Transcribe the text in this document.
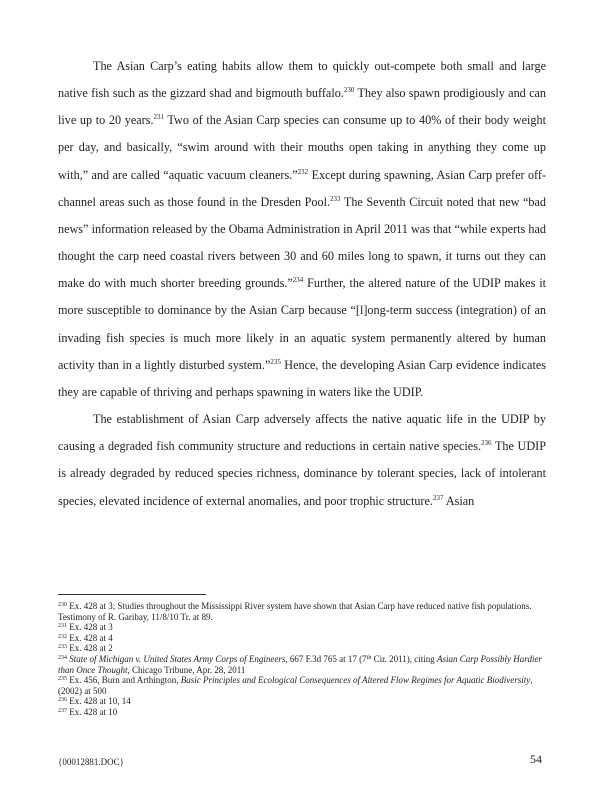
The Asian Carp’s eating habits allow them to quickly out-compete both small and large native fish such as the gizzard shad and bigmouth buffalo.$^{230}$ They also spawn prodigiously and can live up to 20 years.$^{231}$ Two of the Asian Carp species can consume up to 40% of their body weight per day, and basically, “swim around with their mouths open taking in anything they come up with,” and are called “aquatic vacuum cleaners.”$^{232}$ Except during spawning, Asian Carp prefer off-channel areas such as those found in the Dresden Pool.$^{233}$ The Seventh Circuit noted that new “bad news” information released by the Obama Administration in April 2011 was that “while experts had thought the carp need coastal rivers between 30 and 60 miles long to spawn, it turns out they can make do with much shorter breeding grounds.”$^{234}$ Further, the altered nature of the UDIP makes it more susceptible to dominance by the Asian Carp because “[l]ong-term success (integration) of an invading fish species is much more likely in an aquatic system permanently altered by human activity than in a lightly disturbed system.”$^{235}$ Hence, the developing Asian Carp evidence indicates they are capable of thriving and perhaps spawning in waters like the UDIP.

The establishment of Asian Carp adversely affects the native aquatic life in the UDIP by causing a degraded fish community structure and reductions in certain native species.$^{236}$ The UDIP is already degraded by reduced species richness, dominance by tolerant species, lack of intolerant species, elevated incidence of external anomalies, and poor trophic structure.$^{237}$ Asian

$^{230}$ Ex. 428 at 3; Studies throughout the Mississippi River system have shown that Asian Carp have reduced native fish populations. Testimony of R. Garibay, 11/8/10 Tr. at 89.

$^{231}$ Ex. 428 at 3

$^{232}$ Ex. 428 at 4

$^{233}$ Ex. 428 at 2

$^{234}$ State of Michigan v. United States Army Corps of Engineers, 667 F.3d 765 at 17 (7th Cir. 2011), citing Asian Carp Possibly Hardier than Once Thought, Chicago Tribune, Apr. 28, 2011

$^{235}$ Ex. 456, Burn and Arthington, Basic Principles and Ecological Consequences of Altered Flow Regimes for Aquatic Biodiversity, (2002) at 500

$^{236}$ Ex. 428 at 10, 14

$^{237}$ Ex. 428 at 10

{00012881.DOC}	54
